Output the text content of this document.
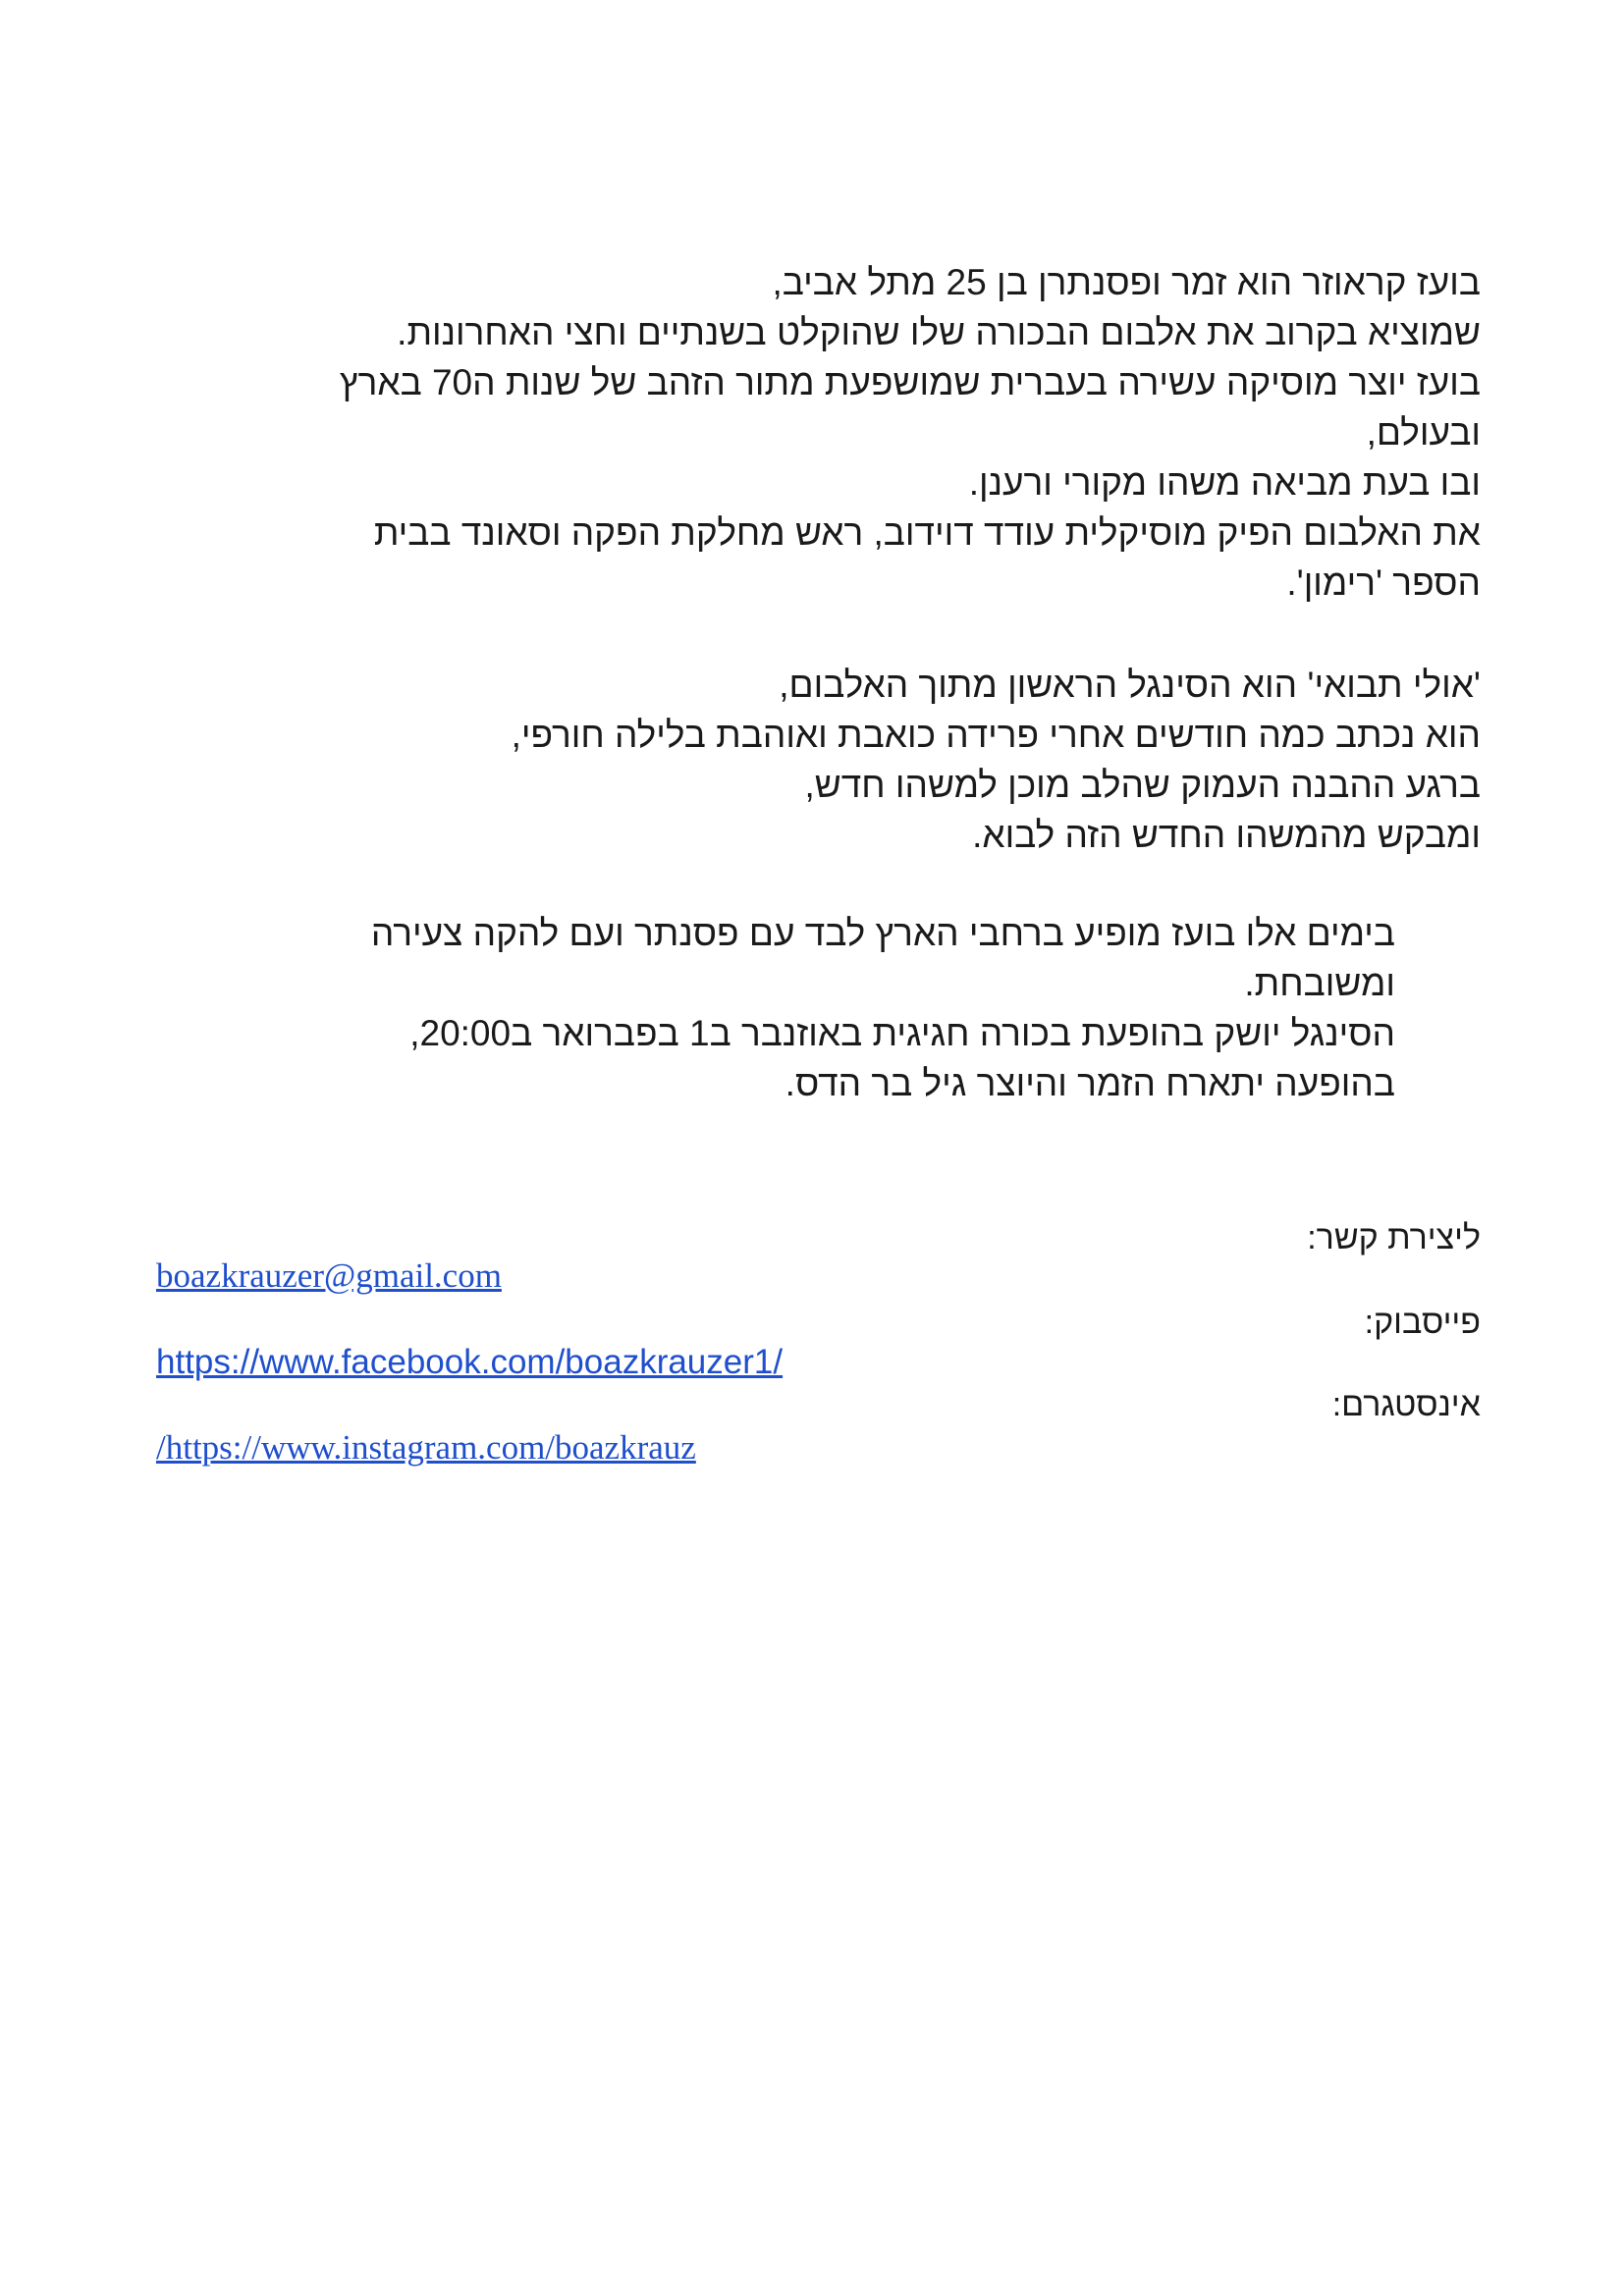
בועז קראוזר הוא זמר ופסנתרן בן 25 מתל אביב,
שמוציא בקרוב את אלבום הבכורה שלו שהוקלט בשנתיים וחצי האחרונות.
בועז יוצר מוסיקה עשירה בעברית שמושפעת מתור הזהב של שנות ה70 בארץ
ובעולם,
ובו בעת מביאה משהו מקורי ורענן.
את האלבום הפיק מוסיקלית עודד דוידוב, ראש מחלקת הפקה וסאונד בבית
הספר 'רימון'.
'אולי תבואי' הוא הסינגל הראשון מתוך האלבום,
הוא נכתב כמה חודשים אחרי פרידה כואבת ואוהבת בלילה חורפי,
ברגע ההבנה העמוק שהלב מוכן למשהו חדש,
ומבקש מהמשהו החדש הזה לבוא.
בימים אלו בועז מופיע ברחבי הארץ לבד עם פסנתר ועם להקה צעירה
ומשובחת.
הסינגל יושק בהופעת בכורה חגיגית באוזנבר ב1 בפברואר ב20:00,
בהופעה יתארח הזמר והיוצר גיל בר הדס.
ליצירת קשר:
boazkrauzer@gmail.com
פייסבוק:
https://www.facebook.com/boazkrauzer1/
אינסטגרם:
/https://www.instagram.com/boazkrauz
